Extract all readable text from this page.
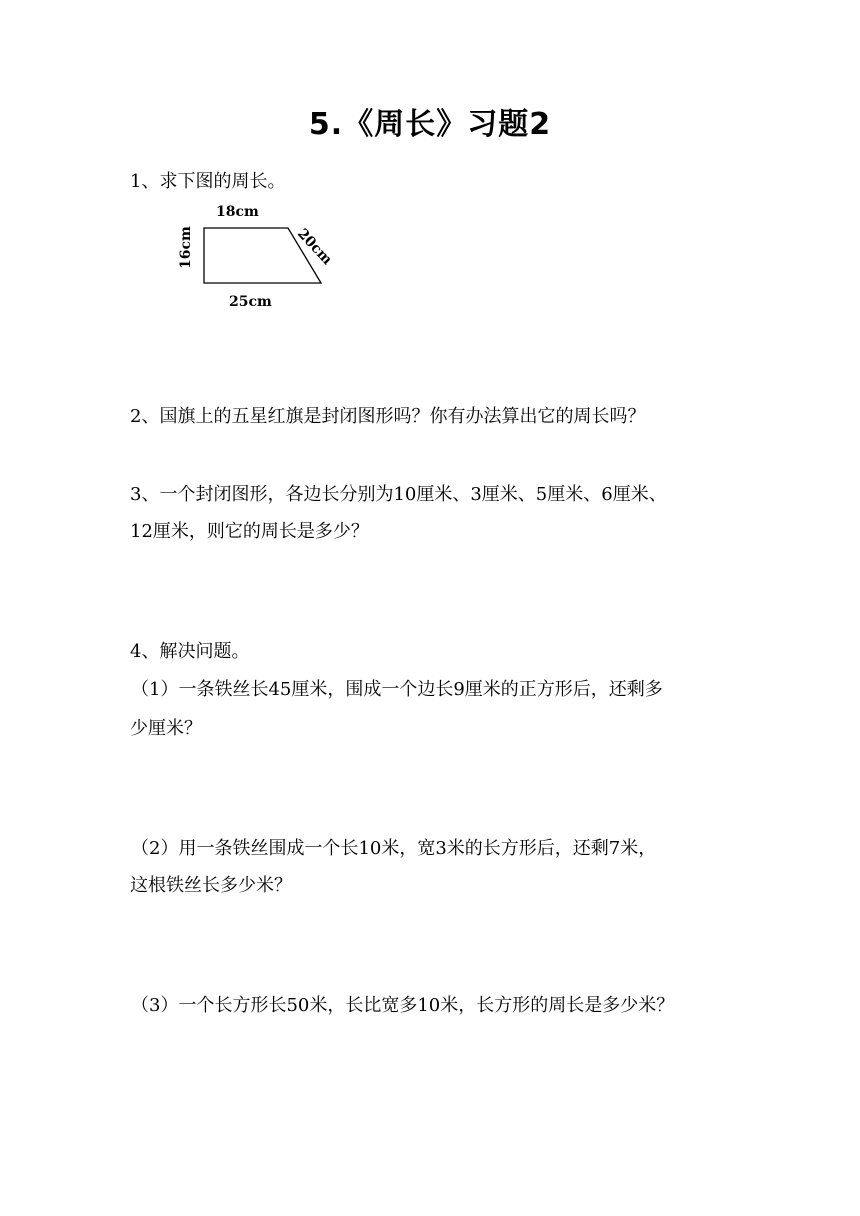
5.《周长》习题2
1、求下图的周长。
18cm
16cm	20cm
25cm
2、国旗上的五星红旗是封闭图形吗？你有办法算出它的周长吗？
3、一个封闭图形，各边长分别为10厘米、3厘米、5厘米、6厘米、
12厘米，则它的周长是多少？
4、解决问题。
（1）一条铁丝长45厘米，围成一个边长9厘米的正方形后，还剩多
少厘米？
（2）用一条铁丝围成一个长10米，宽3米的长方形后，还剩7米，
这根铁丝长多少米？
（3）一个长方形长50米，长比宽多10米，长方形的周长是多少米？
